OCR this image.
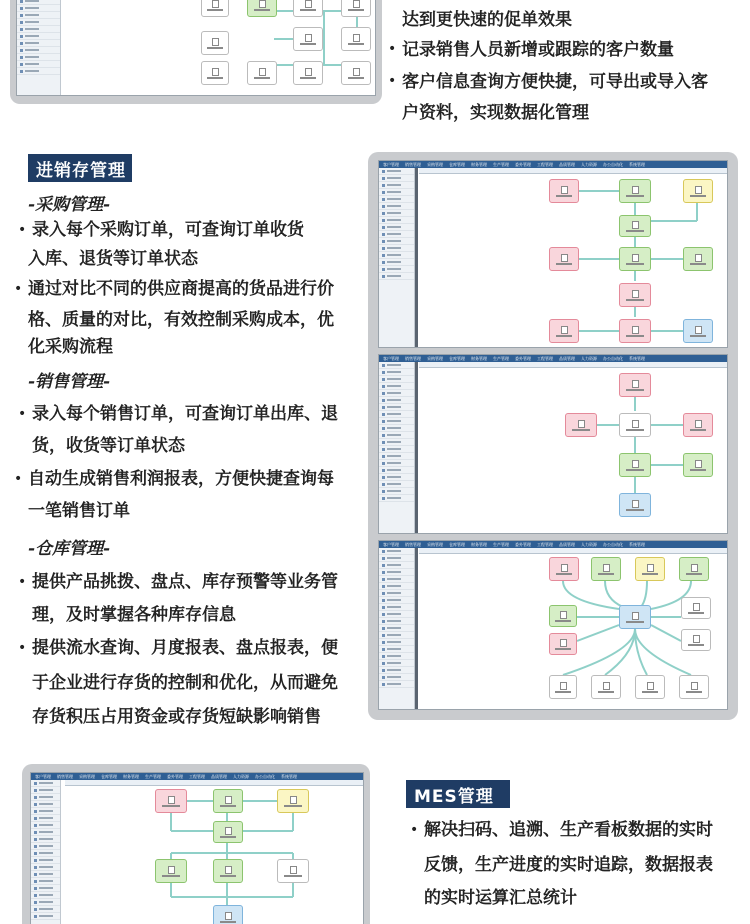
达到更快速的促单效果
• 记录销售人员新增或跟踪的客户数量
• 客户信息查询方便快捷，可导出或导入客
户资料，实现数据化管理
进销存管理
-采购管理-
• 录入每个采购订单，可查询订单收货
入库、退货等订单状态
• 通过对比不同的供应商提高的货品进行价
格、质量的对比，有效控制采购成本，优
化采购流程
-销售管理-
• 录入每个销售订单，可查询订单出库、退
货，收货等订单状态
• 自动生成销售利润报表，方便快捷查询每
一笔销售订单
-仓库管理-
• 提供产品挑拨、盘点、库存预警等业务管
理，及时掌握各种库存信息
• 提供流水查询、月度报表、盘点报表，便
于企业进行存货的控制和优化，从而避免
存货积压占用资金或存货短缺影响销售
客户管理 销售管理 采购管理 仓库管理 财务管理 生产管理 委外管理 工程管理 品质管理 人力资源 办公自动化 系统管理
客户管理 销售管理 采购管理 仓库管理 财务管理 生产管理 委外管理 工程管理 品质管理 人力资源 办公自动化 系统管理
客户管理 销售管理 采购管理 仓库管理 财务管理 生产管理 委外管理 工程管理 品质管理 人力资源 办公自动化 系统管理
客户管理 销售管理 采购管理 仓库管理 财务管理 生产管理 委外管理 工程管理 品质管理 人力资源 办公自动化 系统管理
MES管理
• 解决扫码、追溯、生产看板数据的实时
反馈，生产进度的实时追踪，数据报表
的实时运算汇总统计
